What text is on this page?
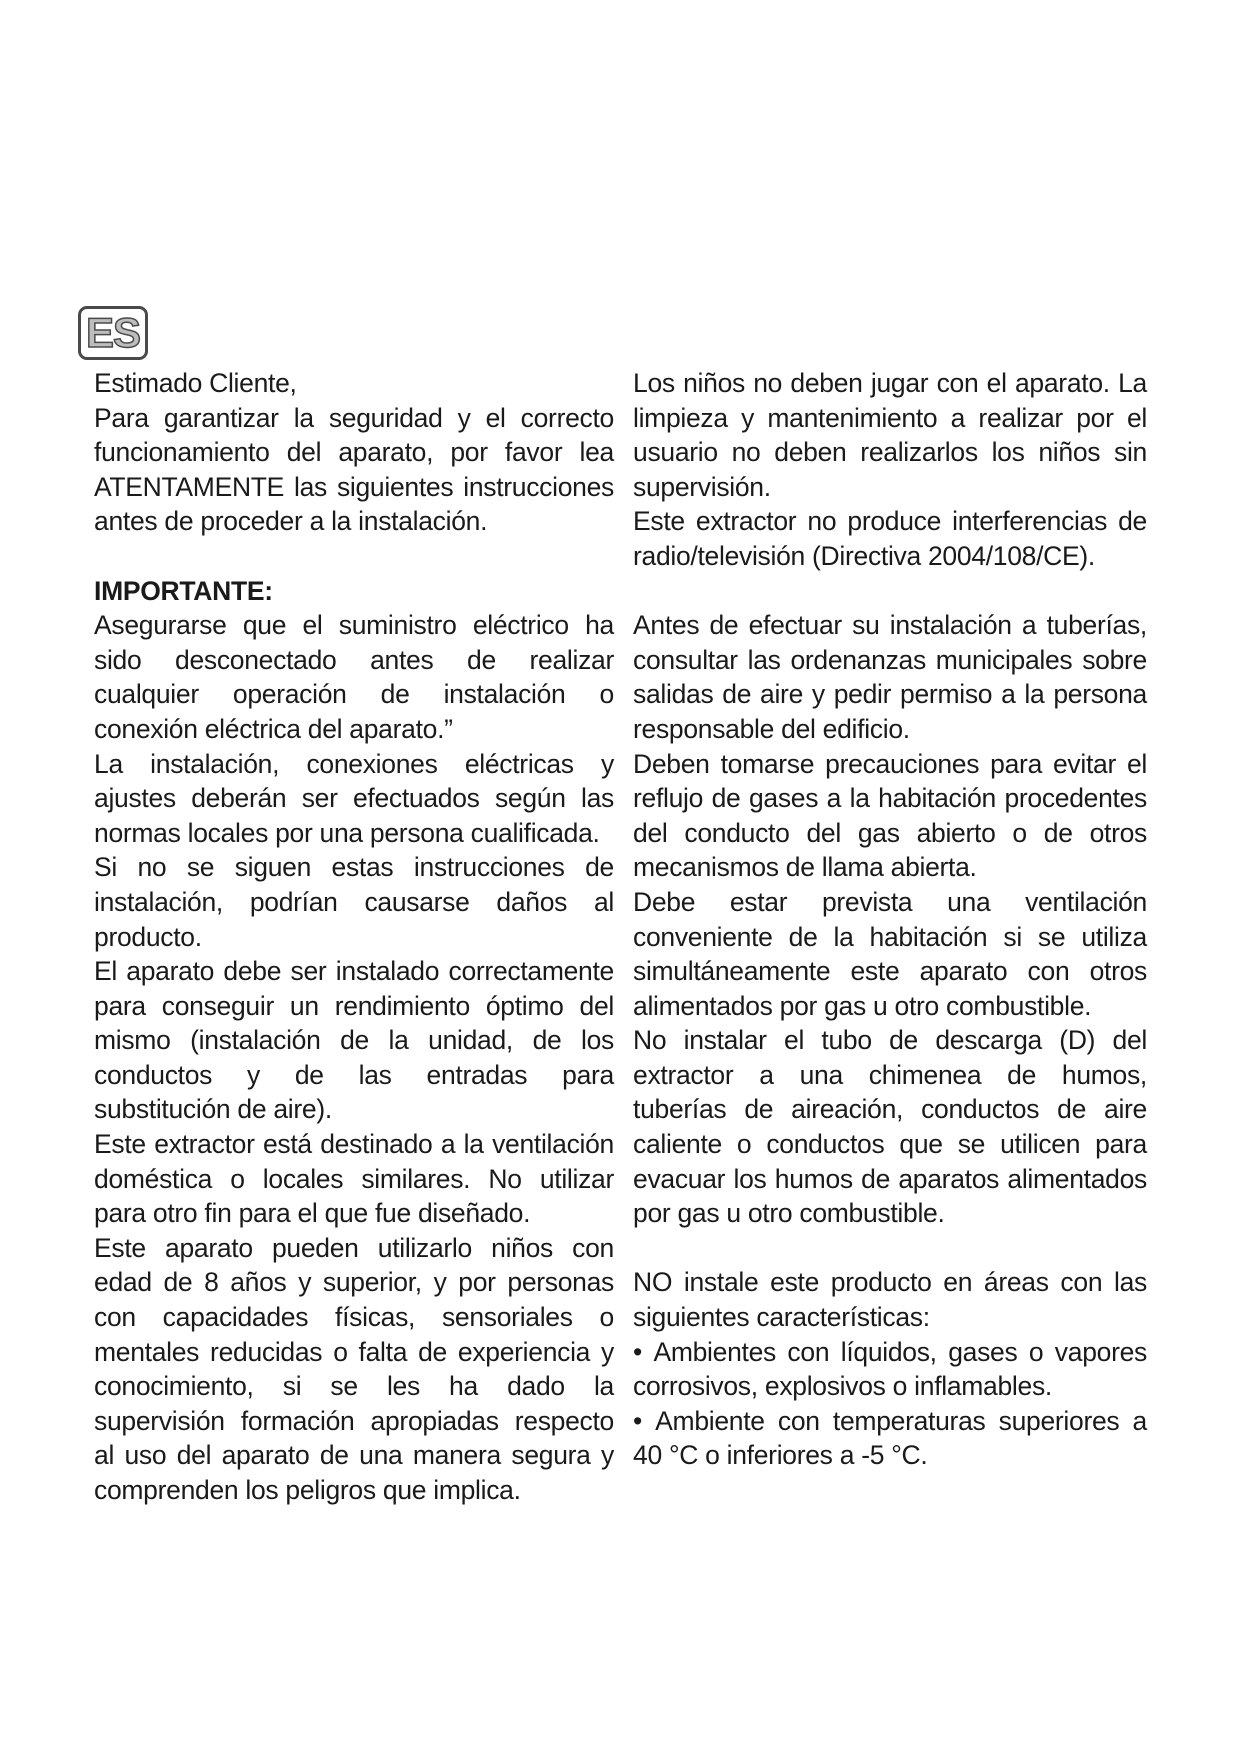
ES

Estimado Cliente,

Para garantizar la seguridad y el correcto funcionamiento del aparato, por favor lea ATENTAMENTE las siguientes instrucciones antes de proceder a la instalación.

IMPORTANTE:

Asegurarse que el suministro eléctrico ha sido desconectado antes de realizar cualquier operación de instalación o conexión eléctrica del aparato.”

La instalación, conexiones eléctricas y ajustes deberán ser efectuados según las normas locales por una persona cualificada.

Si no se siguen estas instrucciones de instalación, podrían causarse daños al producto.

El aparato debe ser instalado correctamente para conseguir un rendimiento óptimo del mismo (instalación de la unidad, de los conductos y de las entradas para substitución de aire).

Este extractor está destinado a la ventilación doméstica o locales similares. No utilizar para otro fin para el que fue diseñado.

Este aparato pueden utilizarlo niños con edad de 8 años y superior, y por personas con capacidades físicas, sensoriales o mentales reducidas o falta de experiencia y conocimiento, si se les ha dado la supervisión formación apropiadas respecto al uso del aparato de una manera segura y comprenden los peligros que implica.

Los niños no deben jugar con el aparato. La limpieza y mantenimiento a realizar por el usuario no deben realizarlos los niños sin supervisión.

Este extractor no produce interferencias de radio/televisión (Directiva 2004/108/CE).

Antes de efectuar su instalación a tuberías, consultar las ordenanzas municipales sobre salidas de aire y pedir permiso a la persona responsable del edificio.

Deben tomarse precauciones para evitar el reflujo de gases a la habitación procedentes del conducto del gas abierto o de otros mecanismos de llama abierta.

Debe estar prevista una ventilación conveniente de la habitación si se utiliza simultáneamente este aparato con otros alimentados por gas u otro combustible.

No instalar el tubo de descarga (D) del extractor a una chimenea de humos, tuberías de aireación, conductos de aire caliente o conductos que se utilicen para evacuar los humos de aparatos alimentados por gas u otro combustible.

NO instale este producto en áreas con las siguientes características:

• Ambientes con líquidos, gases o vapores corrosivos, explosivos o inflamables.

• Ambiente con temperaturas superiores a 40 °C o inferiores a -5 °C.
